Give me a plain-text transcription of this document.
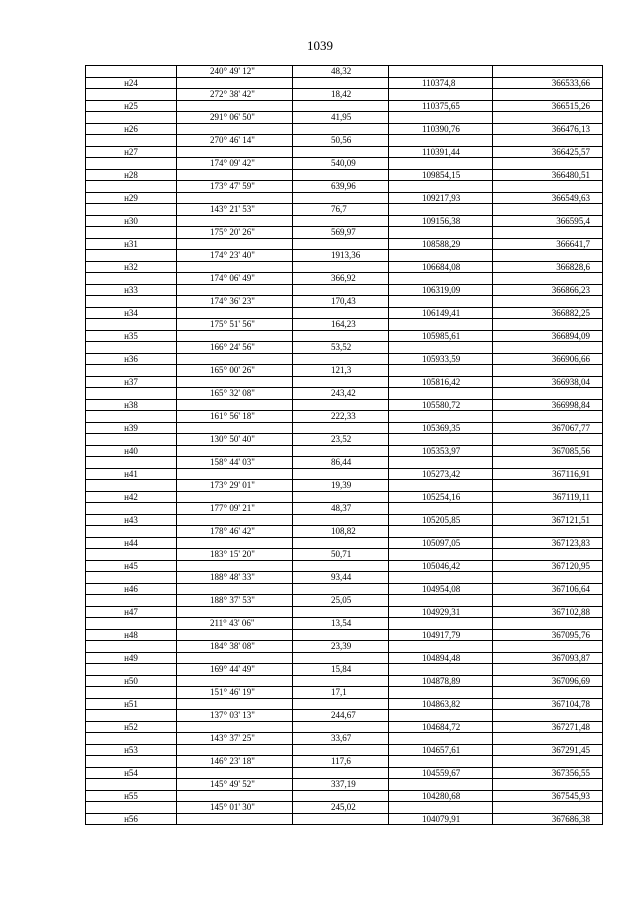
1039
	240° 49' 12"	48,32		
н24			110374,8	366533,66
	272° 38' 42"	18,42		
н25			110375,65	366515,26
	291° 06' 50"	41,95		
н26			110390,76	366476,13
	270° 46' 14"	50,56		
н27			110391,44	366425,57
	174° 09' 42"	540,09		
н28			109854,15	366480,51
	173° 47' 59"	639,96		
н29			109217,93	366549,63
	143° 21' 53"	76,7		
н30			109156,38	366595,4
	175° 20' 26"	569,97		
н31			108588,29	366641,7
	174° 23' 40"	1913,36		
н32			106684,08	366828,6
	174° 06' 49"	366,92		
н33			106319,09	366866,23
	174° 36' 23"	170,43		
н34			106149,41	366882,25
	175° 51' 56"	164,23		
н35			105985,61	366894,09
	166° 24' 56"	53,52		
н36			105933,59	366906,66
	165° 00' 26"	121,3		
н37			105816,42	366938,04
	165° 32' 08"	243,42		
н38			105580,72	366998,84
	161° 56' 18"	222,33		
н39			105369,35	367067,77
	130° 50' 40"	23,52		
н40			105353,97	367085,56
	158° 44' 03"	86,44		
н41			105273,42	367116,91
	173° 29' 01"	19,39		
н42			105254,16	367119,11
	177° 09' 21"	48,37		
н43			105205,85	367121,51
	178° 46' 42"	108,82		
н44			105097,05	367123,83
	183° 15' 20"	50,71		
н45			105046,42	367120,95
	188° 48' 33"	93,44		
н46			104954,08	367106,64
	188° 37' 53"	25,05		
н47			104929,31	367102,88
	211° 43' 06"	13,54		
н48			104917,79	367095,76
	184° 38' 08"	23,39		
н49			104894,48	367093,87
	169° 44' 49"	15,84		
н50			104878,89	367096,69
	151° 46' 19"	17,1		
н51			104863,82	367104,78
	137° 03' 13"	244,67		
н52			104684,72	367271,48
	143° 37' 25"	33,67		
н53			104657,61	367291,45
	146° 23' 18"	117,6		
н54			104559,67	367356,55
	145° 49' 52"	337,19		
н55			104280,68	367545,93
	145° 01' 30"	245,02		
н56			104079,91	367686,38
